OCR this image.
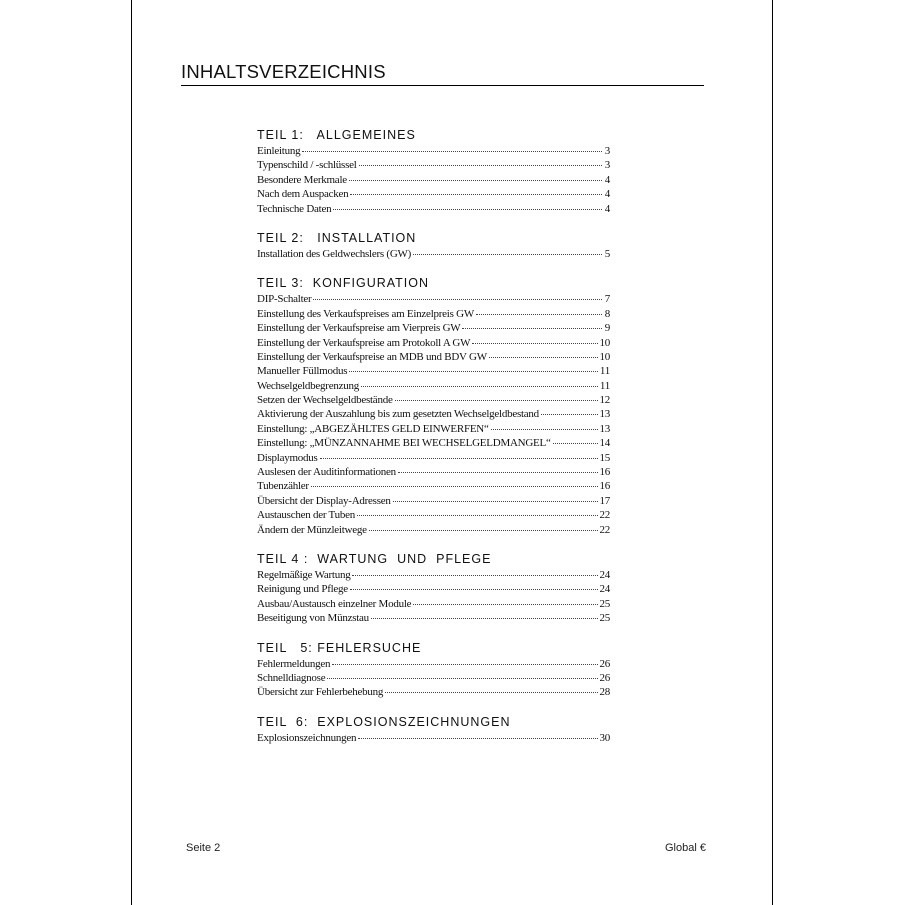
INHALTSVERZEICHNIS
TEIL 1:   ALLGEMEINES
Einleitung	3
Typenschild / -schlüssel	3
Besondere Merkmale	4
Nach dem Auspacken	4
Technische Daten	4
TEIL 2:   INSTALLATION
Installation des Geldwechslers (GW)	5
TEIL 3:  KONFIGURATION
DIP-Schalter	7
Einstellung des Verkaufspreises am Einzelpreis GW	8
Einstellung der Verkaufspreise am Vierpreis GW	9
Einstellung der Verkaufspreise am Protokoll A GW	10
Einstellung der Verkaufspreise an MDB und BDV GW	10
Manueller Füllmodus	11
Wechselgeldbegrenzung	11
Setzen der Wechselgeldbestände	12
Aktivierung der Auszahlung bis zum gesetzten Wechselgeldbestand	13
Einstellung: „ABGEZÄHLTES GELD EINWERFEN“	13
Einstellung: „MÜNZANNAHME BEI WECHSELGELDMANGEL“	14
Displaymodus	15
Auslesen der Auditinformationen	16
Tubenzähler	16
Übersicht der Display-Adressen	17
Austauschen der Tuben	22
Ändern der Münzleitwege	22
TEIL 4 :  WARTUNG  UND  PFLEGE
Regelmäßige Wartung	24
Reinigung und Pflege	24
Ausbau/Austausch einzelner Module	25
Beseitigung von Münzstau	25
TEIL   5: FEHLERSUCHE
Fehlermeldungen	26
Schnelldiagnose	26
Übersicht zur Fehlerbehebung	28
TEIL  6:  EXPLOSIONSZEICHNUNGEN
Explosionszeichnungen	30
Seite 2	Global €
